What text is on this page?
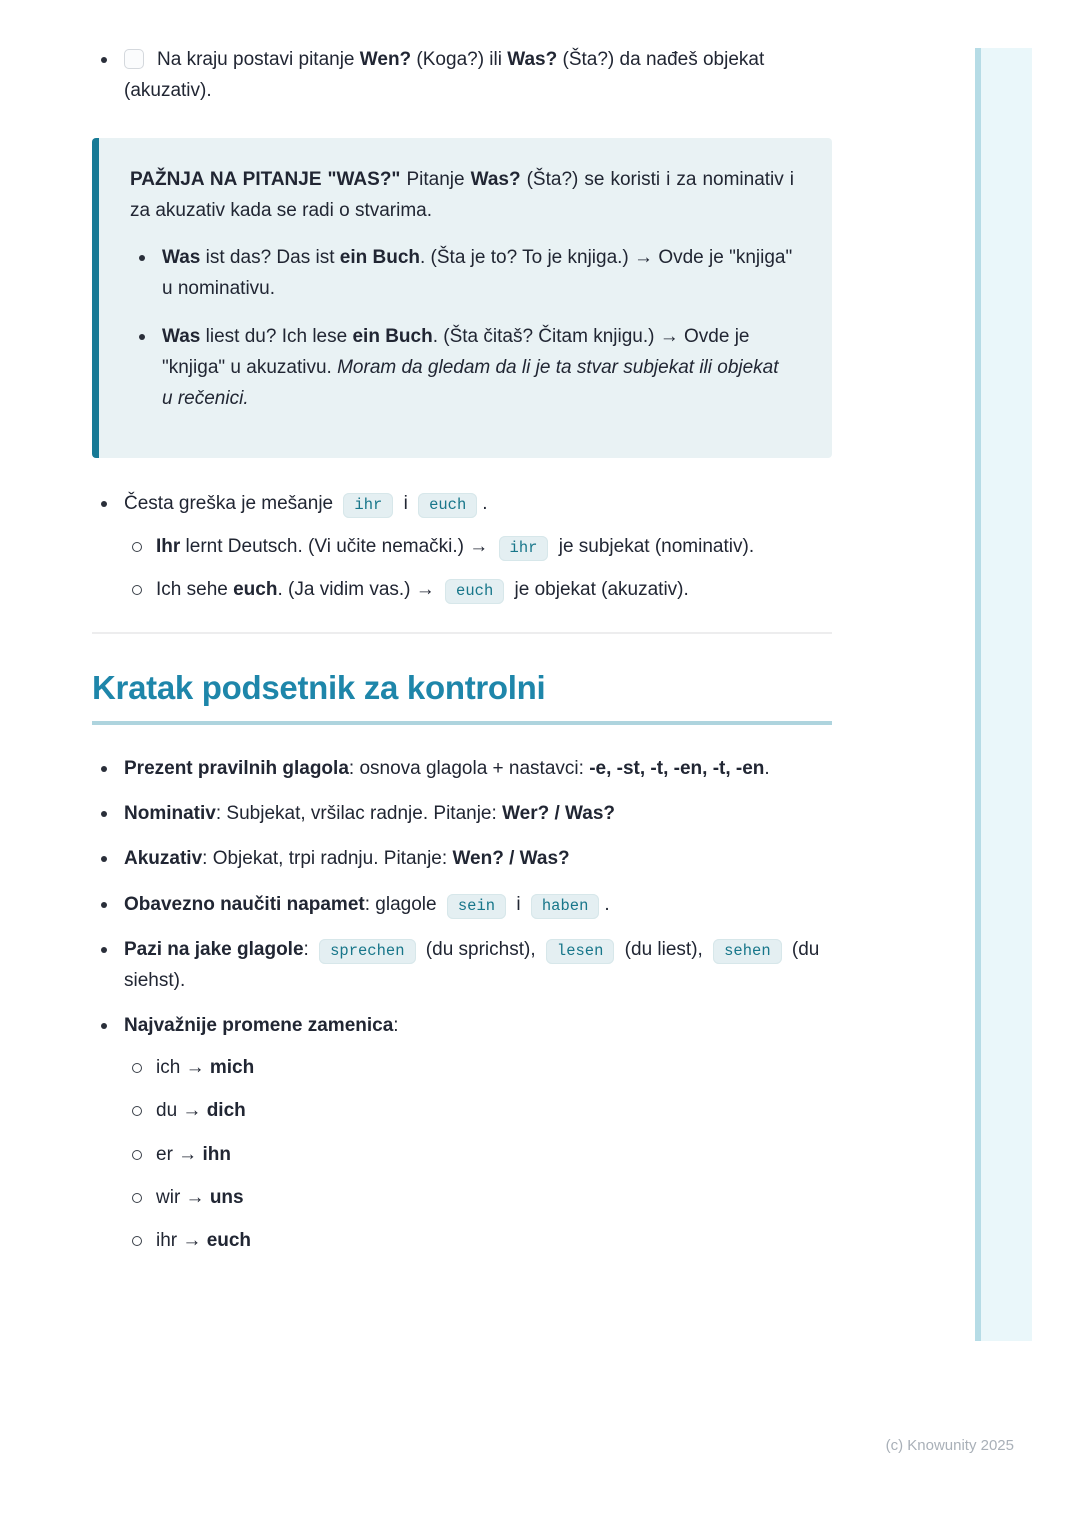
Na kraju postavi pitanje Wen? (Koga?) ili Was? (Šta?) da nađeš objekat (akuzativ).

PAŽNJA NA PITANJE "WAS?" Pitanje Was? (Šta?) se koristi i za nominativ i za akuzativ kada se radi o stvarima.

Was ist das? Das ist ein Buch. (Šta je to? To je knjiga.) → Ovde je "knjiga" u nominativu.
Was liest du? Ich lese ein Buch. (Šta čitaš? Čitam knjigu.) → Ovde je "knjiga" u akuzativu. Moram da gledam da li je ta stvar subjekat ili objekat u rečenici.
Česta greška je mešanje ihr i euch .
Ihr lernt Deutsch. (Vi učite nemački.) → ihr je subjekat (nominativ).
Ich sehe euch. (Ja vidim vas.) → euch je objekat (akuzativ).
Kratak podsetnik za kontrolni
Prezent pravilnih glagola: osnova glagola + nastavci: -e, -st, -t, -en, -t, -en.
Nominativ: Subjekat, vršilac radnje. Pitanje: Wer? / Was?
Akuzativ: Objekat, trpi radnju. Pitanje: Wen? / Was?
Obavezno naučiti napamet: glagole sein i haben .
Pazi na jake glagole: sprechen (du sprichst), lesen (du liest), sehen (du siehst).
Najvažnije promene zamenica:
ich → mich
du → dich
er → ihn
wir → uns
ihr → euch
(c) Knowunity 2025
